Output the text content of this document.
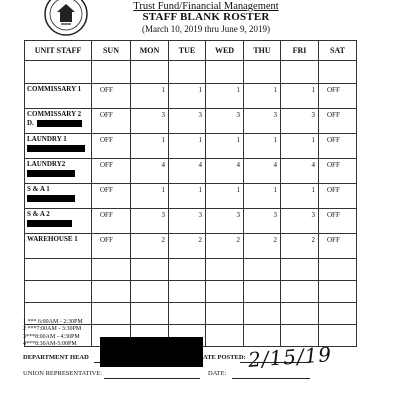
Trust Fund/Financial Management
STAFF BLANK ROSTER
(March 10, 2019 thru June 9, 2019)
UNIT STAFF	SUN	MON	TUE	WED	THU	FRI	SAT

COMMISSARY 1	OFF	1	1	1	1	1	OFF

COMMISSARY 2
D.	OFF	3	3	3	3	3	OFF

LAUNDRY 1	OFF	1	1	1	1	1	OFF

LAUNDRY2	OFF	4	4	4	4	4	OFF

S & A 1	OFF	1	1	1	1	1	OFF

S & A 2	OFF	3	3	3	3	3	OFF

WAREHOUSE 1	OFF	2	2	2	2	2	OFF

1 *** 6:00AM - 2:30PM
2 ***7:00AM - 3:30PM
3***8:00AM - 4:30PM
4***8:30AM-5:00PM
DEPARTMENT HEAD	ATE POSTED: 2/15/19
UNION REPRESENTATIVE:	DATE:
